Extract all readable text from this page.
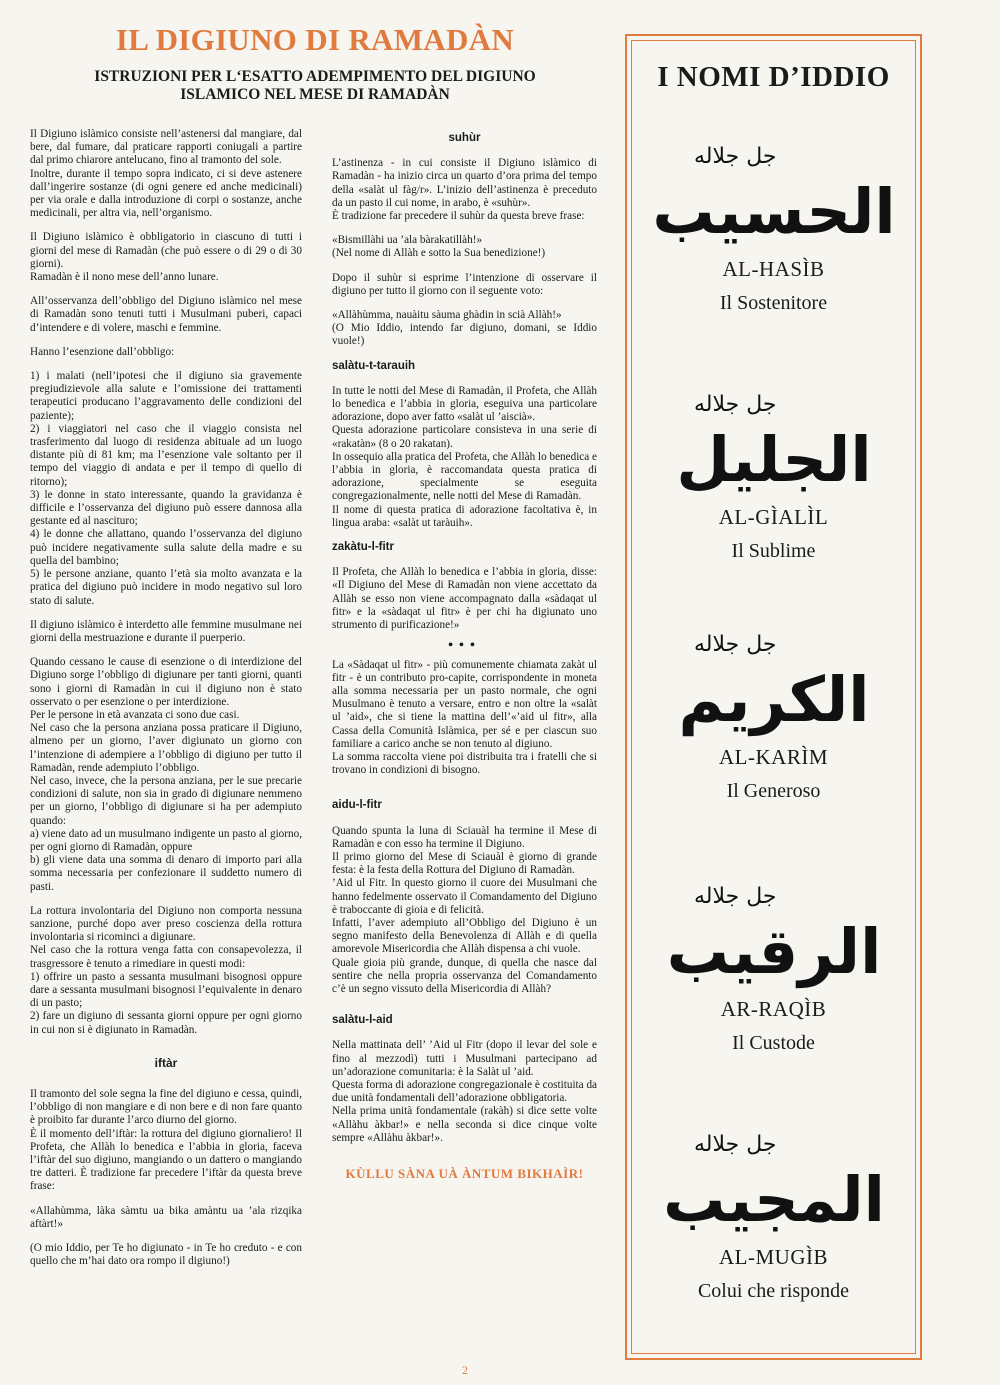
IL DIGIUNO DI RAMADÀN
ISTRUZIONI PER L‘ESATTO ADEMPIMENTO DEL DIGIUNO
ISLAMICO NEL MESE DI RAMADÀN

Il Digiuno islàmico consiste nell’astenersi dal mangiare, dal bere, dal fumare, dal praticare rapporti coniugali a partire dal primo chiarore antelucano, fino al tramonto del sole.

Inoltre, durante il tempo sopra indicato, ci si deve astenere dall’ingerire sostanze (di ogni genere ed anche medicinali) per via orale e dalla introduzione di corpi o sostanze, anche medicinali, per altra via, nell’organismo.

Il Digiuno islàmico è obbligatorio in ciascuno di tutti i giorni del mese di Ramadàn (che può essere o di 29 o di 30 giorni).

Ramadàn è il nono mese dell’anno lunare.

All’osservanza dell’obbligo del Digiuno islàmico nel mese di Ramadàn sono tenuti tutti i Musulmani puberi, capaci d’intendere e di volere, maschi e femmine.

Hanno l’esenzione dall’obbligo:

1) i malati (nell’ipotesi che il digiuno sia gravemente pregiudizievole alla salute e l’omissione dei trattamenti terapeutici producano l’aggravamento delle condizioni del paziente);

2) i viaggiatori nel caso che il viaggio consista nel trasferimento dal luogo di residenza abituale ad un luogo distante più di 81 km; ma l’esenzione vale soltanto per il tempo del viaggio di andata e per il tempo di quello di ritorno);

3) le donne in stato interessante, quando la gravidanza è difficile e l’osservanza del digiuno può essere dannosa alla gestante ed al nascituro;

4) le donne che allattano, quando l’osservanza del digiuno può incidere negativamente sulla salute della madre e su quella del bambino;

5) le persone anziane, quanto l’età sia molto avanzata e la pratica del digiuno può incidere in modo negativo sul loro stato di salute.

Il digiuno islàmico è interdetto alle femmine musulmane nei giorni della mestruazione e durante il puerperio.

Quando cessano le cause di esenzione o di interdizione del Digiuno sorge l’obbligo di digiunare per tanti giorni, quanti sono i giorni di Ramadàn in cui il digiuno non è stato osservato o per esenzione o per interdizione.

Per le persone in età avanzata ci sono due casi.

Nel caso che la persona anziana possa praticare il Digiuno, almeno per un giorno, l’aver digiunato un giorno con l’intenzione di adempiere a l’obbligo di digiuno per tutto il Ramadàn, rende adempiuto l’obbligo.

Nel caso, invece, che la persona anziana, per le sue precarie condizioni di salute, non sia in grado di digiunare nemmeno per un giorno, l’obbligo di digiunare si ha per adempiuto quando:

a) viene dato ad un musulmano indigente un pasto al giorno, per ogni giorno di Ramadàn, oppure

b) gli viene data una somma di denaro di importo pari alla somma necessaria per confezionare il suddetto numero di pasti.

La rottura involontaria del Digiuno non comporta nessuna sanzione, purché dopo aver preso coscienza della rottura involontaria si ricominci a digiunare.

Nel caso che la rottura venga fatta con consapevolezza, il trasgressore è tenuto a rimediare in questi modi:

1) offrire un pasto a sessanta musulmani bisognosi oppure dare a sessanta musulmani bisognosi l’equivalente in denaro di un pasto;

2) fare un digiuno di sessanta giorni oppure per ogni giorno in cui non si è digiunato in Ramadàn.

iftàr

Il tramonto del sole segna la fine del digiuno e cessa, quindi, l’obbligo di non mangiare e di non bere e di non fare quanto è proibito far durante l’arco diurno del giorno.

È il momento dell’iftàr: la rottura del digiuno giornaliero! Il Profeta, che Allàh lo benedica e l’abbia in gloria, faceva l’iftàr del suo digiuno, mangiando o un dattero o mangiando tre datteri. È tradizione far precedere l’iftàr da questa breve frase:

«Allahùmma, làka sàmtu ua bika amàntu ua ’ala rizqika aftàrt!»

(O mio Iddio, per Te ho digiunato - in Te ho creduto - e con quello che m’hai dato ora rompo il digiuno!)

suhùr

L’astinenza - in cui consiste il Digiuno islàmico di Ramadàn - ha inizio circa un quarto d’ora prima del tempo della «salàt ul fàg/r». L’inizio dell’astinenza è preceduto da un pasto il cui nome, in arabo, è «suhùr».

È tradizione far precedere il suhùr da questa breve frase:

«Bismillàhi ua ’ala bàrakatillàh!»

(Nel nome di Allàh e sotto la Sua benedizione!)

Dopo il suhùr si esprime l’intenzione di osservare il digiuno per tutto il giorno con il seguente voto:

«Allàhùmma, nauàitu sàuma ghàdin in scià Allàh!»

(O Mio Iddio, intendo far digiuno, domani, se Iddio vuole!)

salàtu-t-tarauih

In tutte le notti del Mese di Ramadàn, il Profeta, che Allàh lo benedica e l’abbia in gloria, eseguiva una particolare adorazione, dopo aver fatto «salàt ul ’aiscià».

Questa adorazione particolare consisteva in una serie di «rakatàn» (8 o 20 rakatan).

In ossequio alla pratica del Profeta, che Allàh lo benedica e l’abbia in gloria, è raccomandata questa pratica di adorazione, specialmente se eseguita congregazionalmente, nelle notti del Mese di Ramadàn.

Il nome di questa pratica di adorazione facoltativa è, in lingua araba: «salàt ut taràuih».

zakàtu-l-fitr

Il Profeta, che Allàh lo benedica e l’abbia in gloria, disse: «Il Digiuno del Mese di Ramadàn non viene accettato da Allàh se esso non viene accompagnato dalla «sàdaqat ul fitr» e la «sàdaqat ul fitr» è per chi ha digiunato uno strumento di purificazione!»

•••

La «Sàdaqat ul fitr» - più comunemente chiamata zakàt ul fitr - è un contributo pro-capite, corrispondente in moneta alla somma necessaria per un pasto normale, che ogni Musulmano è tenuto a versare, entro e non oltre la «salàt ul ’aid», che si tiene la mattina dell’«’aid ul fitr», alla Cassa della Comunità Islàmica, per sé e per ciascun suo familiare a carico anche se non tenuto al digiuno.

La somma raccolta viene poi distribuita tra i fratelli che si trovano in condizioni di bisogno.

aidu-l-fitr

Quando spunta la luna di Sciauàl ha termine il Mese di Ramadàn e con esso ha termine il Digiuno.

Il primo giorno del Mese di Sciauàl è giorno di grande festa: è la festa della Rottura del Digiuno di Ramadàn.

’Aid ul Fitr. In questo giorno il cuore dei Musulmani che hanno fedelmente osservato il Comandamento del Digiuno è traboccante di gioia e di felicità.

Infatti, l’aver adempiuto all’Obbligo del Digiuno è un segno manifesto della Benevolenza di Allàh e di quella amorevole Misericordia che Allàh dispensa a chi vuole.

Quale gioia più grande, dunque, di quella che nasce dal sentire che nella propria osservanza del Comandamento c’è un segno vissuto della Misericordia di Allàh?

salàtu-l-aid

Nella mattinata dell’ ’Aid ul Fitr (dopo il levar del sole e fino al mezzodì) tutti i Musulmani partecipano ad un’adorazione comunitaria: è la Salàt ul ’aid.

Questa forma di adorazione congregazionale è costituita da due unità fondamentali dell’adorazione obbligatoria.

Nella prima unità fondamentale (rakàh) si dice sette volte «Allàhu àkbar!» e nella seconda si dice cinque volte sempre «Allàhu àkbar!».

KÙLLU SÀNA UÀ ÀNTUM BIKHAÌR!
I NOMI D’IDDIO
جل جلاله
الحسيب
AL-HASÌB
Il Sostenitore
جل جلاله
الجليل
AL-GÌALÌL
Il Sublime
جل جلاله
الكريم
AL-KARÌM
Il Generoso
جل جلاله
الرقيب
AR-RAQÌB
Il Custode
جل جلاله
المجيب
AL-MUGÌB
Colui che risponde
2
